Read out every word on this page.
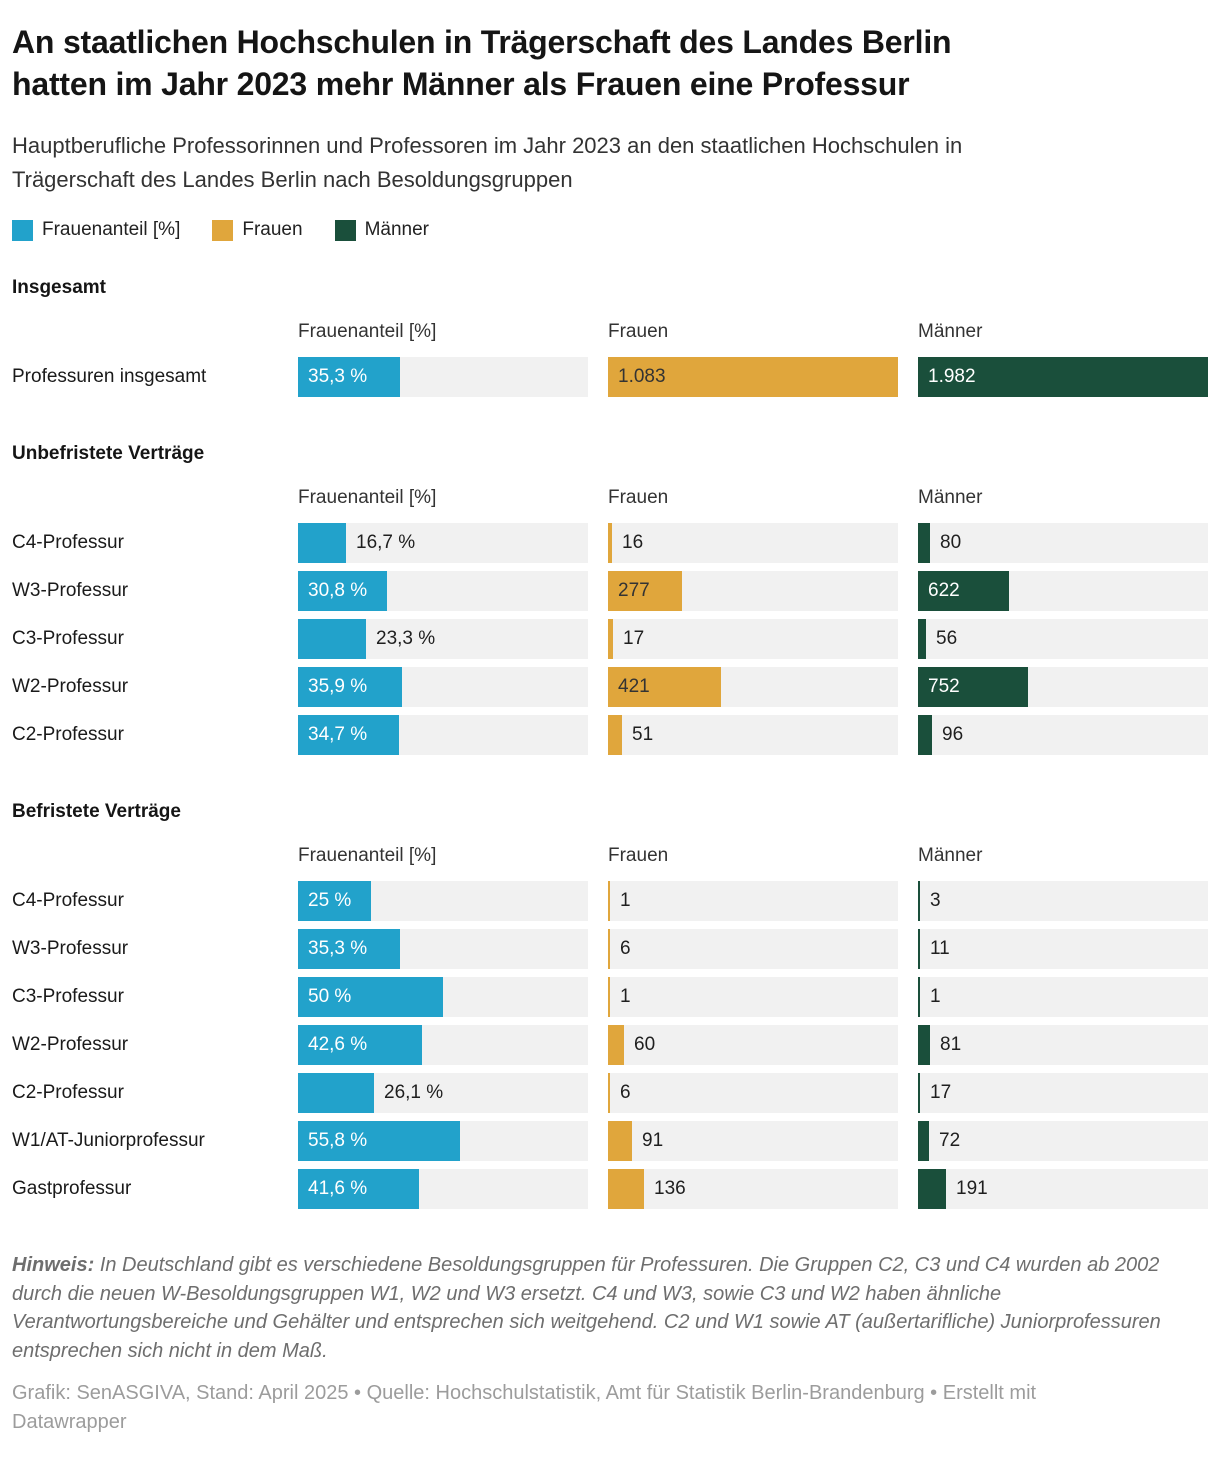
An staatlichen Hochschulen in Trägerschaft des Landes Berlin hatten im Jahr 2023 mehr Männer als Frauen eine Professur

Hauptberufliche Professorinnen und Professoren im Jahr 2023 an den staatlichen Hochschulen in Trägerschaft des Landes Berlin nach Besoldungsgruppen

Frauenanteil [%]	Frauen	Männer
Insgesamt
Frauenanteil [%]	Frauen	Männer
Professuren insgesamt	35,3 %	1.083	1.982
Unbefristete Verträge
Frauenanteil [%]	Frauen	Männer
C4-Professur	16,7 %	16	80
W3-Professur	30,8 %	277	622
C3-Professur	23,3 %	17	56
W2-Professur	35,9 %	421	752
C2-Professur	34,7 %	51	96
Befristete Verträge
Frauenanteil [%]	Frauen	Männer
C4-Professur	25 %	1	3
W3-Professur	35,3 %	6	11
C3-Professur	50 %	1	1
W2-Professur	42,6 %	60	81
C2-Professur	26,1 %	6	17
W1/AT-Juniorprofessur	55,8 %	91	72
Gastprofessur	41,6 %	136	191

Hinweis: In Deutschland gibt es verschiedene Besoldungsgruppen für Professuren. Die Gruppen C2, C3 und C4 wurden ab 2002 durch die neuen W-Besoldungsgruppen W1, W2 und W3 ersetzt. C4 und W3, sowie C3 und W2 haben ähnliche Verantwortungsbereiche und Gehälter und entsprechen sich weitgehend. C2 und W1 sowie AT (außertarifliche) Juniorprofessuren entsprechen sich nicht in dem Maß.

Grafik: SenASGIVA, Stand: April 2025 • Quelle: Hochschulstatistik, Amt für Statistik Berlin-Brandenburg • Erstellt mit Datawrapper
